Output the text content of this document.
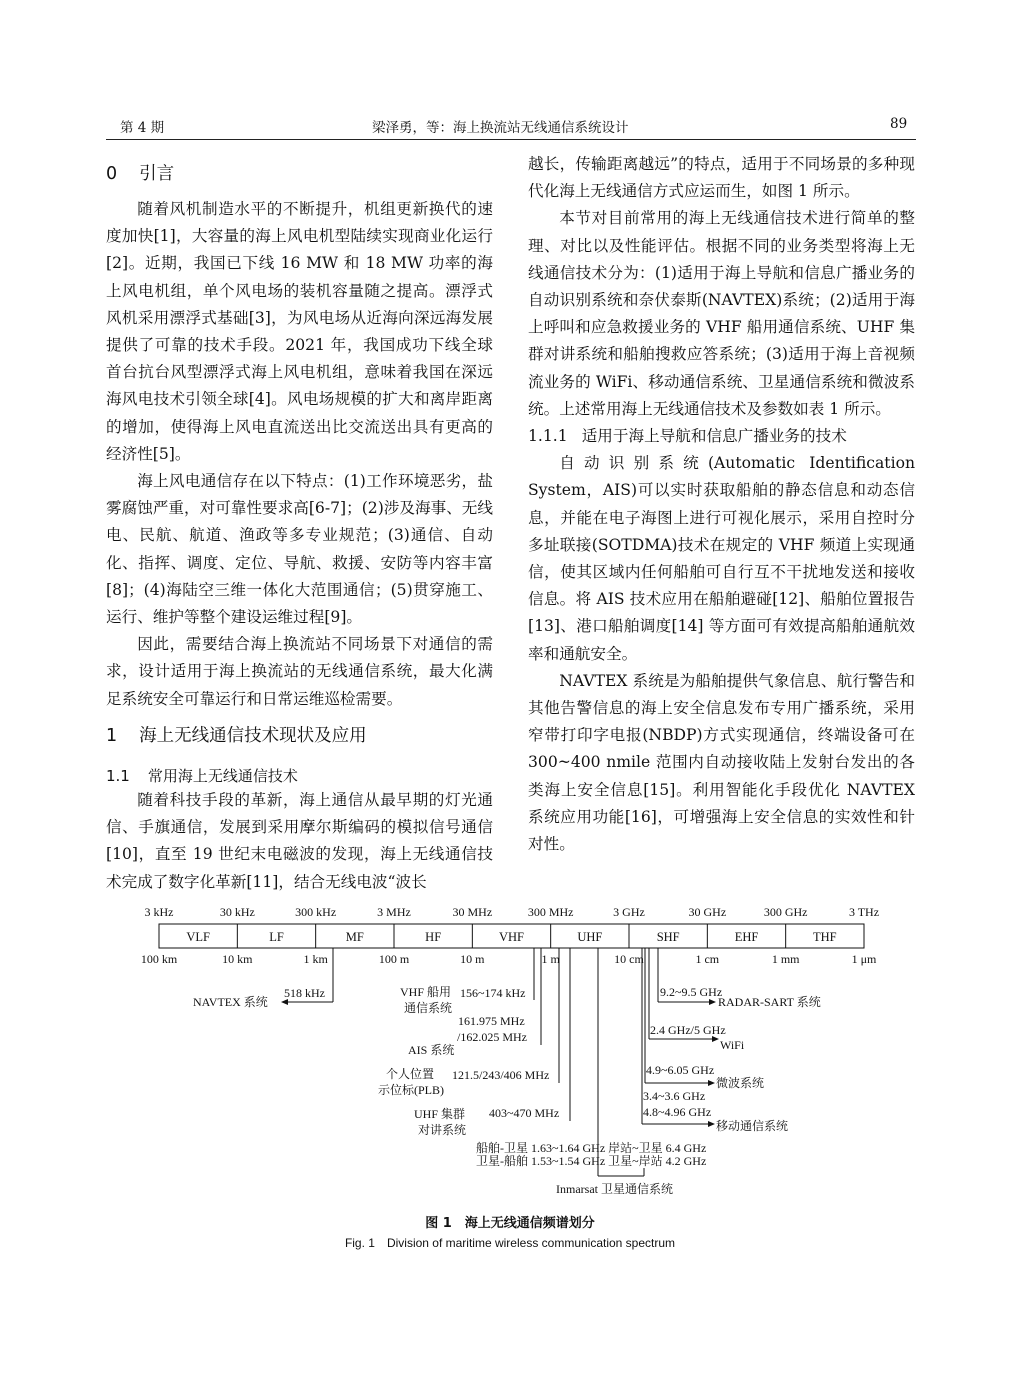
第 4 期	梁泽勇，等：海上换流站无线通信系统设计	89
0 引言

随着风机制造水平的不断提升，机组更新换代的速度加快[1]，大容量的海上风电机型陆续实现商业化运行[2]。近期，我国已下线 16 MW 和 18 MW 功率的海上风电机组，单个风电场的装机容量随之提高。漂浮式风机采用漂浮式基础[3]，为风电场从近海向深远海发展提供了可靠的技术手段。2021 年，我国成功下线全球首台抗台风型漂浮式海上风电机组，意味着我国在深远海风电技术引领全球[4]。风电场规模的扩大和离岸距离的增加，使得海上风电直流送出比交流送出具有更高的经济性[5]。

海上风电通信存在以下特点：(1)工作环境恶劣，盐雾腐蚀严重，对可靠性要求高[6-7]；(2)涉及海事、无线电、民航、航道、渔政等多专业规范；(3)通信、自动化、指挥、调度、定位、导航、救援、安防等内容丰富[8]；(4)海陆空三维一体化大范围通信；(5)贯穿施工、运行、维护等整个建设运维过程[9]。

因此，需要结合海上换流站不同场景下对通信的需求，设计适用于海上换流站的无线通信系统，最大化满足系统安全可靠运行和日常运维巡检需要。

1 海上无线通信技术现状及应用
1.1 常用海上无线通信技术

随着科技手段的革新，海上通信从最早期的灯光通信、手旗通信，发展到采用摩尔斯编码的模拟信号通信[10]，直至 19 世纪末电磁波的发现，海上无线通信技术完成了数字化革新[11]，结合无线电波“波长

越长，传输距离越远”的特点，适用于不同场景的多种现代化海上无线通信方式应运而生，如图 1 所示。

本节对目前常用的海上无线通信技术进行简单的整理、对比以及性能评估。根据不同的业务类型将海上无线通信技术分为：(1)适用于海上导航和信息广播业务的自动识别系统和奈伏泰斯(NAVTEX)系统；(2)适用于海上呼叫和应急救援业务的 VHF 船用通信系统、UHF 集群对讲系统和船舶搜救应答系统；(3)适用于海上音视频流业务的 WiFi、移动通信系统、卫星通信系统和微波系统。上述常用海上无线通信技术及参数如表 1 所示。

1.1.1 适用于海上导航和信息广播业务的技术

自动识别系统(Automatic Identification System，AIS)可以实时获取船舶的静态信息和动态信息，并能在电子海图上进行可视化展示，采用自控时分多址联接(SOTDMA)技术在规定的 VHF 频道上实现通信，使其区域内任何船舶可自行互不干扰地发送和接收信息。将 AIS 技术应用在船舶避碰[12]、船舶位置报告[13]、港口船舶调度[14] 等方面可有效提高船舶通航效率和通航安全。

NAVTEX 系统是为船舶提供气象信息、航行警告和其他告警信息的海上安全信息发布专用广播系统，采用窄带打印字电报(NBDP)方式实现通信，终端设备可在 300~400 nmile 范围内自动接收陆上发射台发出的各类海上安全信息[15]。利用智能化手段优化 NAVTEX 系统应用功能[16]，可增强海上安全信息的实效性和针对性。

3 kHz	30 kHz	300 kHz	3 MHz	30 MHz	300 MHz	3 GHz	30 GHz	300 GHz	3 THz
VLF	LF	MF	HF	VHF	UHF	SHF	EHF	THF
100 km	10 km	1 km	100 m	10 m	1 m	10 cm	1 cm	1 mm	1 μm
518 kHz
NAVTEX 系统
VHF 船用
通信系统
156~174 kHz
161.975 MHz
/162.025 MHz
AIS 系统
个人位置
示位标(PLB)
121.5/243/406 MHz
UHF 集群
对讲系统
403~470 MHz
船舶-卫星 1.63~1.64 GHz 岸站~卫星 6.4 GHz
卫星-船舶 1.53~1.54 GHz 卫星~岸站 4.2 GHz
Inmarsat 卫星通信系统
9.2~9.5 GHz
RADAR-SART 系统
2.4 GHz/5 GHz
WiFi
4.9~6.05 GHz
微波系统
3.4~3.6 GHz
4.8~4.96 GHz
移动通信系统
图 1　海上无线通信频谱划分
Fig. 1　Division of maritime wireless communication spectrum
